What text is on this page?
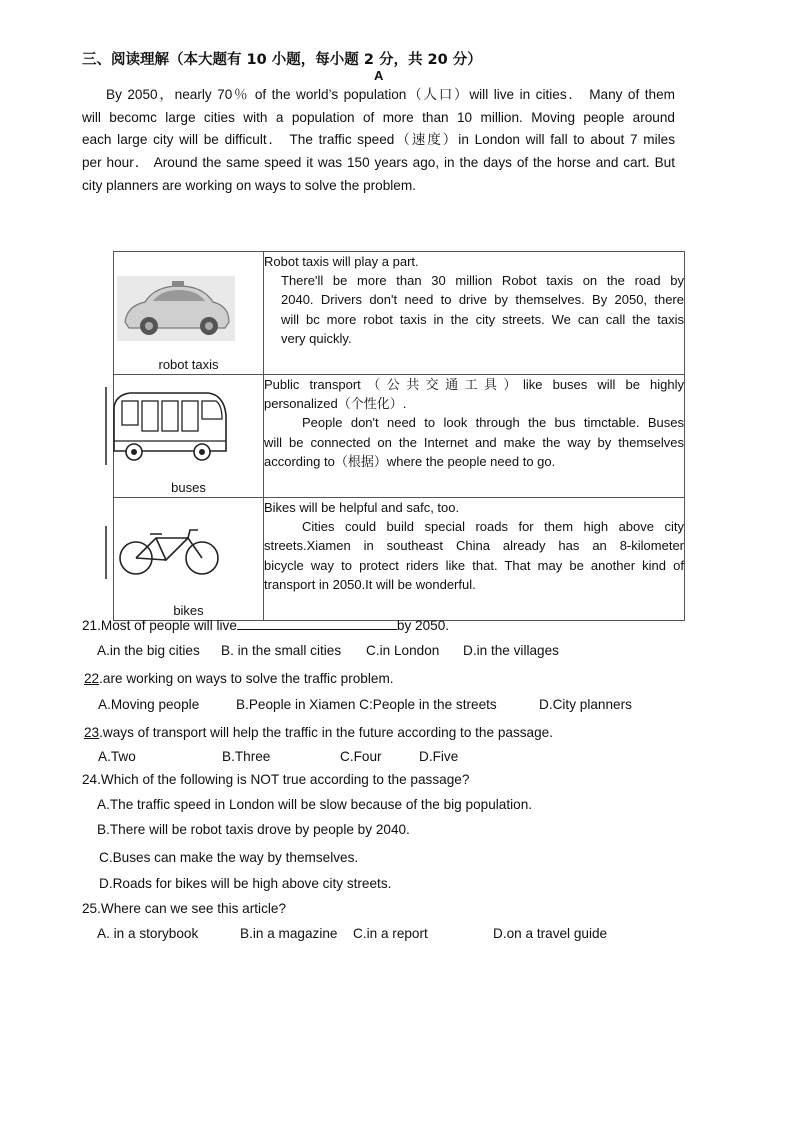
三、阅读理解（本大题有 10 小题，每小题 2 分，共 20 分）
A
By 2050，nearly 70％ of the world’s population（人口）will live in cities． Many of them
will becomc large cities with a population of more than 10 million. Moving people around
each large city will be difficult． The traffic speed（速度）in London will fall to about 7 miles
per hour． Around the same speed it was 150 years ago, in the days of the horse and cart. But
city planners are working on ways to solve the problem.
robot taxis	Robot taxis will play a part.
There'll be more than 30 million Robot taxis on the road by
2040. Drivers don't need to drive by themselves. By 2050, there
will bc more robot taxis in the city streets. We can call the taxis
very quickly.

buses	Public transport（公共交通工具）like buses will be highly
personalized（个性化）.
People don't need to look through the bus timctable. Buses
will be connected on the Internet and make the way by themselves
according to（根据）where the people need to go.

bikes	Bikes will be helpful and safc, too.
Cities could build special roads for them high above city
streets.Xiamen in southeast China already has an 8-kilometer
bicycle way to protect riders like that. That may be another kind of
transport in 2050.It will be wonderful.
21.Most of people will live	by 2050.
A.in the big cities B. in the small cities C.in London D.in the villages
22.are working on ways to solve the traffic problem.
A.Moving people	B.People in Xiamen C:People in the streets	D.City planners
23.ways of transport will help the traffic in the future according to the passage.
A.Two	B.Three	C.Four	D.Five
24.Which of the following is NOT true according to the passage?
A.The traffic speed in London will be slow because of the big population.
B.There will be robot taxis drove by people by 2040.
C.Buses can make the way by themselves.
D.Roads for bikes will be high above city streets.
25.Where can we see this article?
A. in a storybook	B.in a magazine C.in a report	D.on a travel guide
